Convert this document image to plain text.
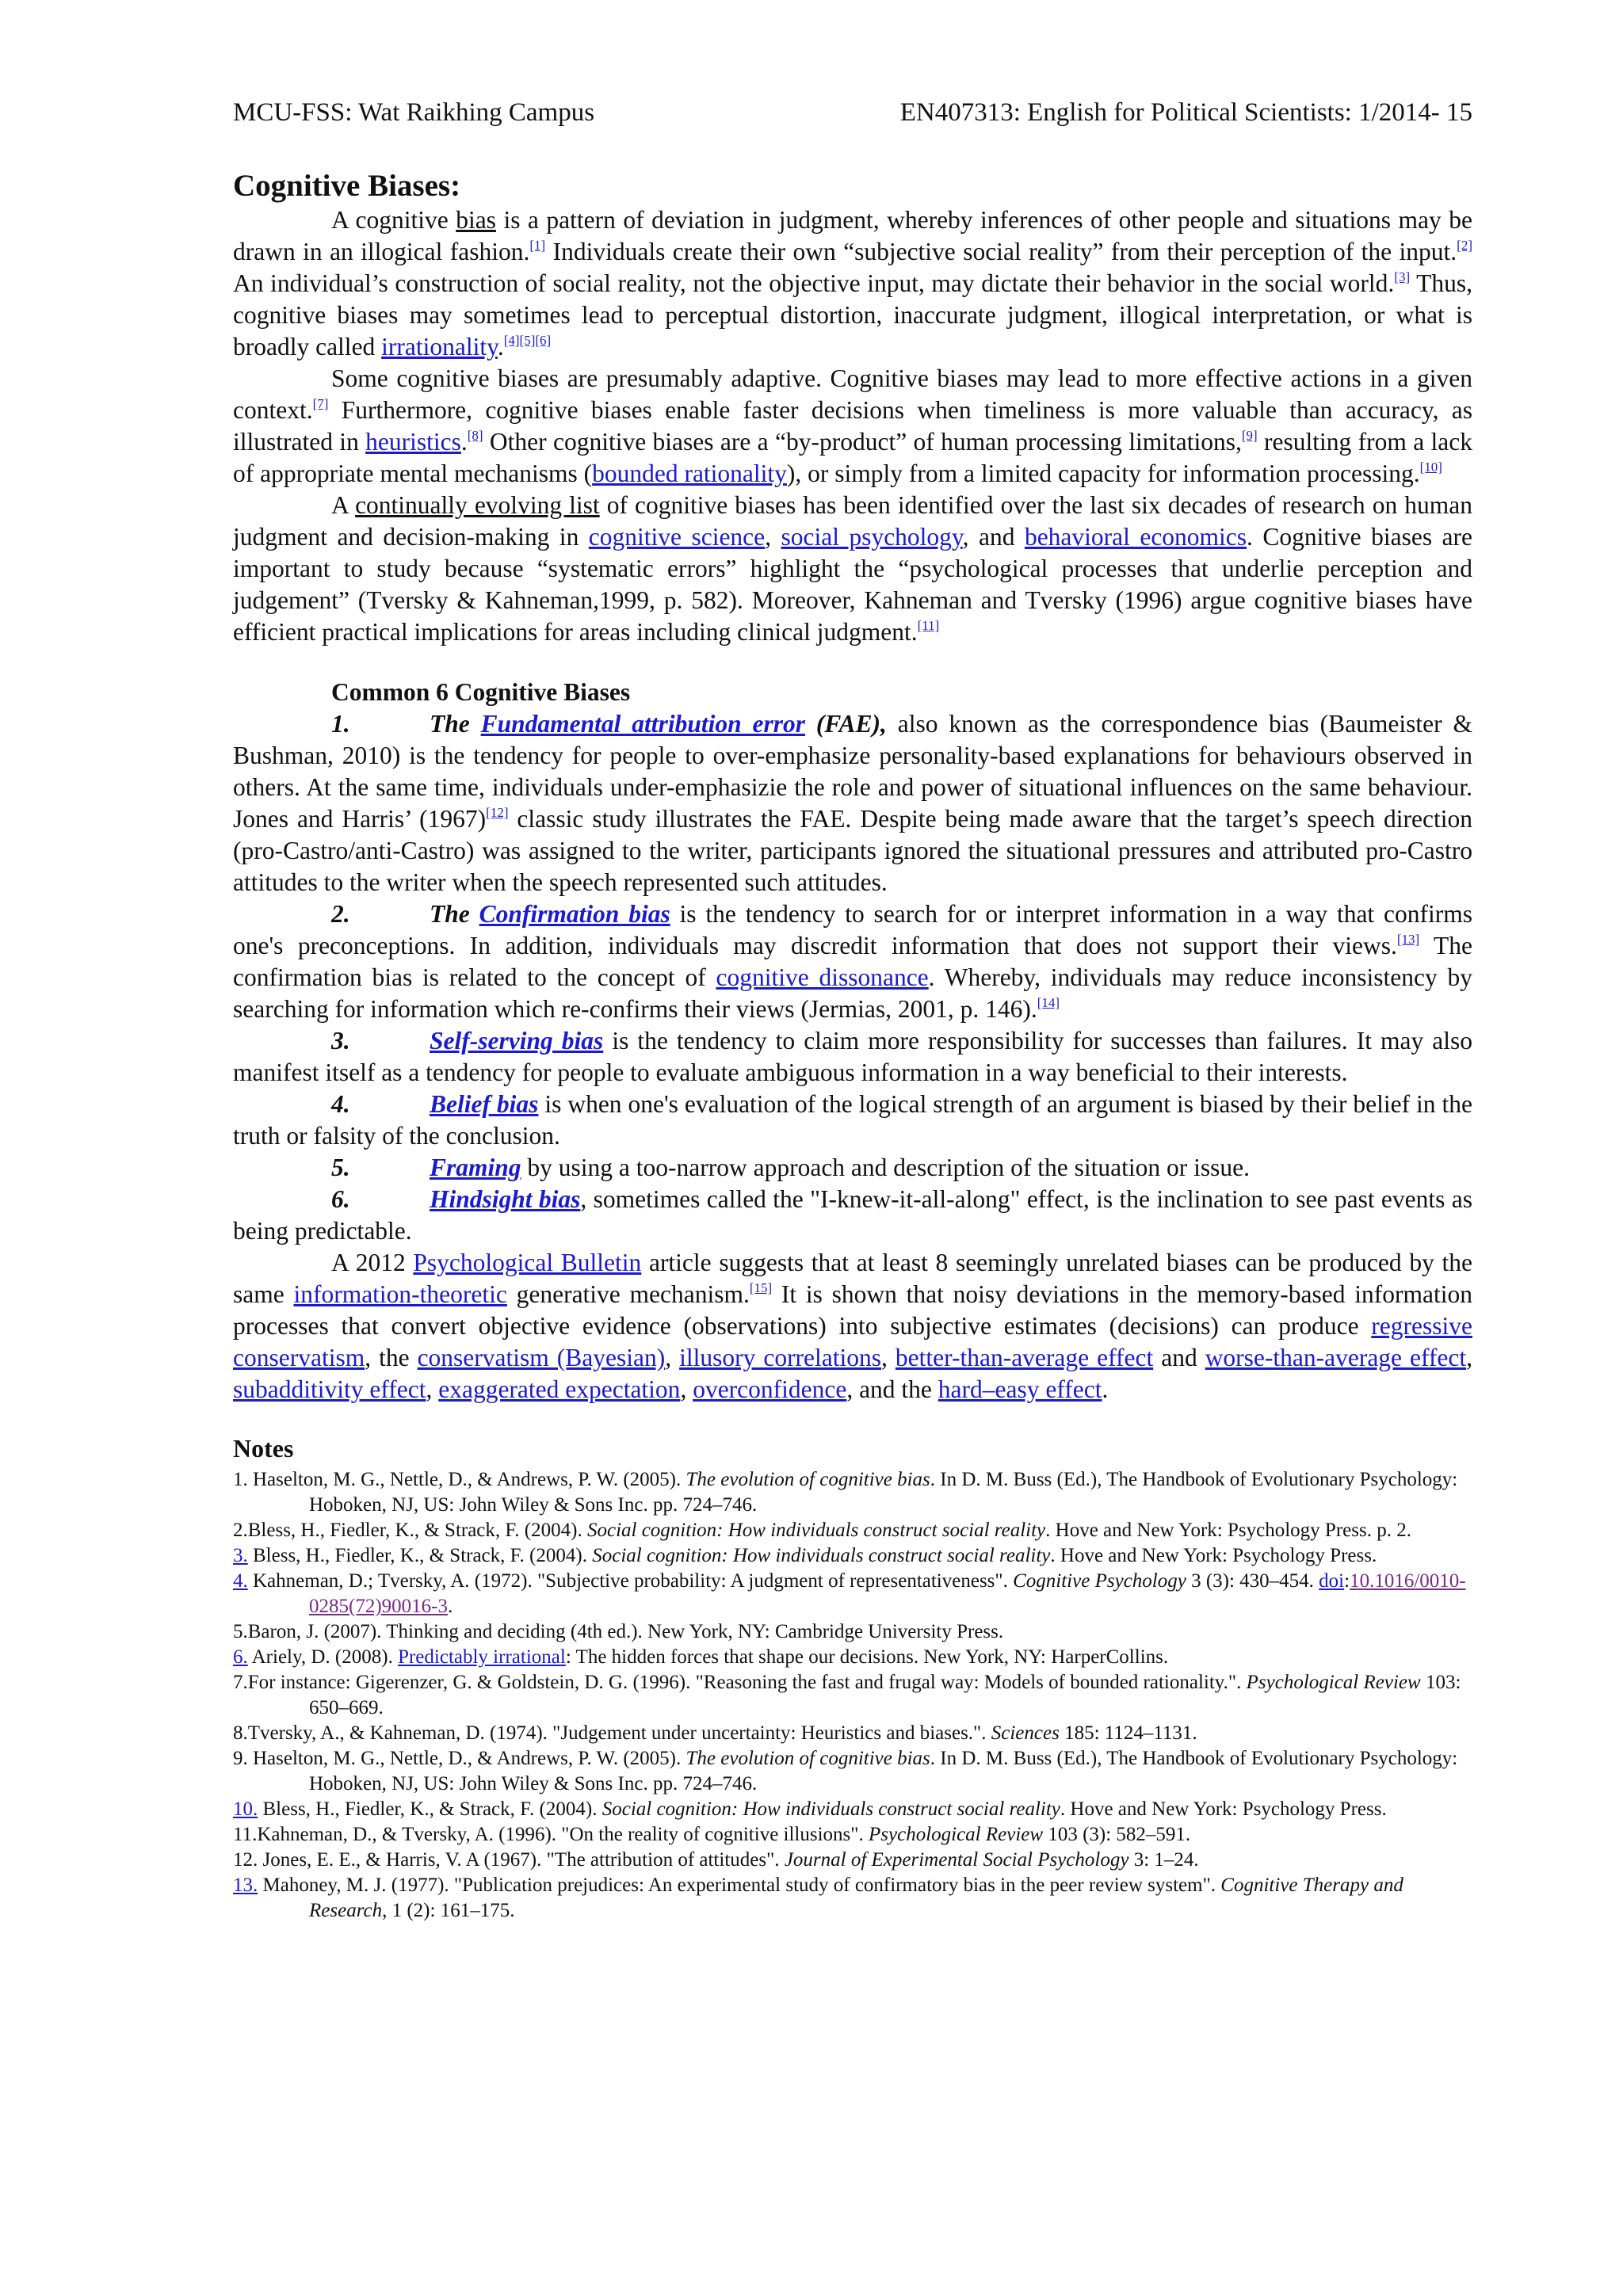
MCU-FSS: Wat Raikhing Campus	EN407313: English for Political Scientists: 1/2014- 15
Cognitive Biases:

A cognitive bias is a pattern of deviation in judgment, whereby inferences of other people and situations may be drawn in an illogical fashion.[1] Individuals create their own “subjective social reality” from their perception of the input.[2] An individual’s construction of social reality, not the objective input, may dictate their behavior in the social world.[3] Thus, cognitive biases may sometimes lead to perceptual distortion, inaccurate judgment, illogical interpretation, or what is broadly called irrationality.[4][5][6]

Some cognitive biases are presumably adaptive. Cognitive biases may lead to more effective actions in a given context.[7] Furthermore, cognitive biases enable faster decisions when timeliness is more valuable than accuracy, as illustrated in heuristics.[8] Other cognitive biases are a “by-product” of human processing limitations,[9] resulting from a lack of appropriate mental mechanisms (bounded rationality), or simply from a limited capacity for information processing.[10]

A continually evolving list of cognitive biases has been identified over the last six decades of research on human judgment and decision-making in cognitive science, social psychology, and behavioral economics. Cognitive biases are important to study because “systematic errors” highlight the “psychological processes that underlie perception and judgement” (Tversky & Kahneman,1999, p. 582). Moreover, Kahneman and Tversky (1996) argue cognitive biases have efficient practical implications for areas including clinical judgment.[11]

Common 6 Cognitive Biases

1.	The Fundamental attribution error (FAE), also known as the correspondence bias (Baumeister & Bushman, 2010) is the tendency for people to over-emphasize personality-based explanations for behaviours observed in others. At the same time, individuals under-emphasizie the role and power of situational influences on the same behaviour. Jones and Harris’ (1967)[12] classic study illustrates the FAE. Despite being made aware that the target’s speech direction (pro-Castro/anti-Castro) was assigned to the writer, participants ignored the situational pressures and attributed pro-Castro attitudes to the writer when the speech represented such attitudes.

2.	The Confirmation bias is the tendency to search for or interpret information in a way that confirms one's preconceptions. In addition, individuals may discredit information that does not support their views.[13] The confirmation bias is related to the concept of cognitive dissonance. Whereby, individuals may reduce inconsistency by searching for information which re-confirms their views (Jermias, 2001, p. 146).[14]

3.	Self-serving bias is the tendency to claim more responsibility for successes than failures. It may also manifest itself as a tendency for people to evaluate ambiguous information in a way beneficial to their interests.

4.	Belief bias is when one's evaluation of the logical strength of an argument is biased by their belief in the truth or falsity of the conclusion.

5.	Framing by using a too-narrow approach and description of the situation or issue.

6.	Hindsight bias, sometimes called the "I-knew-it-all-along" effect, is the inclination to see past events as being predictable.

A 2012 Psychological Bulletin article suggests that at least 8 seemingly unrelated biases can be produced by the same information-theoretic generative mechanism.[15] It is shown that noisy deviations in the memory-based information processes that convert objective evidence (observations) into subjective estimates (decisions) can produce regressive conservatism, the conservatism (Bayesian), illusory correlations, better-than-average effect and worse-than-average effect, subadditivity effect, exaggerated expectation, overconfidence, and the hard–easy effect.

Notes

1. Haselton, M. G., Nettle, D., & Andrews, P. W. (2005). The evolution of cognitive bias. In D. M. Buss (Ed.), The Handbook of Evolutionary Psychology: Hoboken, NJ, US: John Wiley & Sons Inc. pp. 724–746.

2.Bless, H., Fiedler, K., & Strack, F. (2004). Social cognition: How individuals construct social reality. Hove and New York: Psychology Press. p. 2.

3. Bless, H., Fiedler, K., & Strack, F. (2004). Social cognition: How individuals construct social reality. Hove and New York: Psychology Press.

4. Kahneman, D.; Tversky, A. (1972). "Subjective probability: A judgment of representativeness". Cognitive Psychology 3 (3): 430–454. doi:10.1016/0010-0285(72)90016-3.

5.Baron, J. (2007). Thinking and deciding (4th ed.). New York, NY: Cambridge University Press.

6. Ariely, D. (2008). Predictably irrational: The hidden forces that shape our decisions. New York, NY: HarperCollins.

7.For instance: Gigerenzer, G. & Goldstein, D. G. (1996). "Reasoning the fast and frugal way: Models of bounded rationality.". Psychological Review 103: 650–669.

8.Tversky, A., & Kahneman, D. (1974). "Judgement under uncertainty: Heuristics and biases.". Sciences 185: 1124–1131.

9. Haselton, M. G., Nettle, D., & Andrews, P. W. (2005). The evolution of cognitive bias. In D. M. Buss (Ed.), The Handbook of Evolutionary Psychology: Hoboken, NJ, US: John Wiley & Sons Inc. pp. 724–746.

10. Bless, H., Fiedler, K., & Strack, F. (2004). Social cognition: How individuals construct social reality. Hove and New York: Psychology Press.

11.Kahneman, D., & Tversky, A. (1996). "On the reality of cognitive illusions". Psychological Review 103 (3): 582–591.

12. Jones, E. E., & Harris, V. A (1967). "The attribution of attitudes". Journal of Experimental Social Psychology 3: 1–24.

13. Mahoney, M. J. (1977). "Publication prejudices: An experimental study of confirmatory bias in the peer review system". Cognitive Therapy and Research, 1 (2): 161–175.
